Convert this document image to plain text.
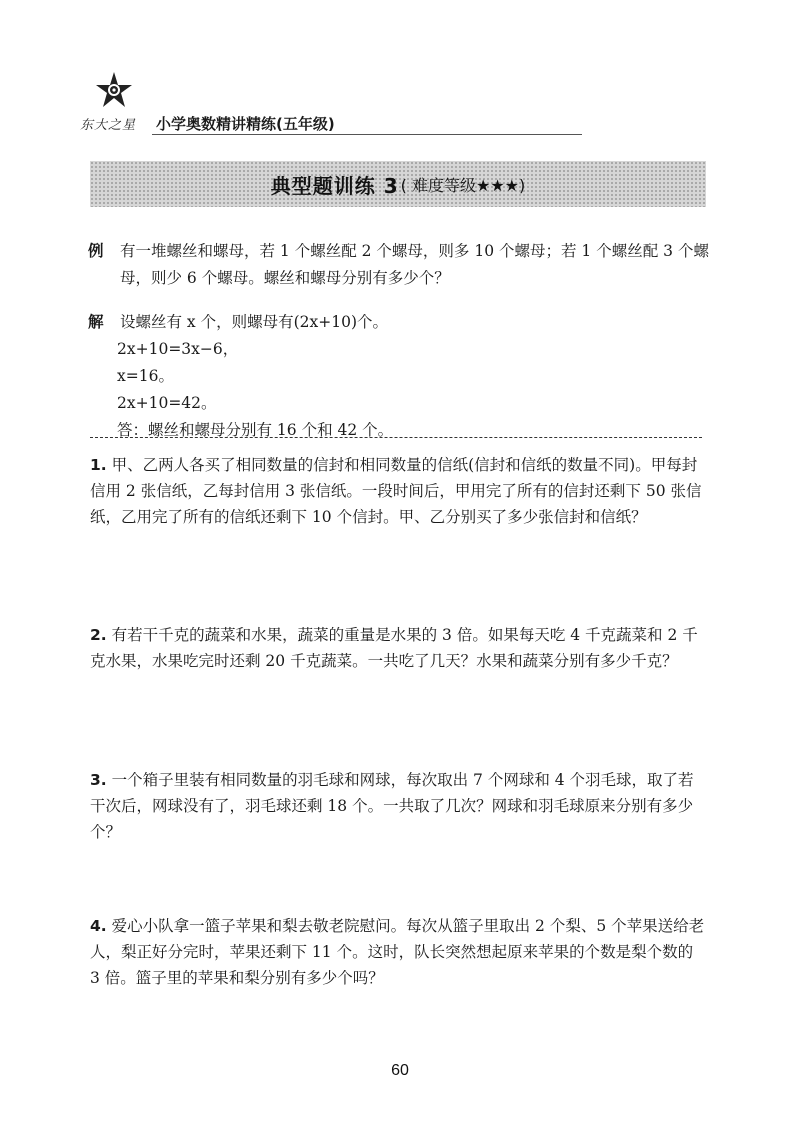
东大之星 小学奥数精讲精练(五年级)
典型题训练 3 ( 难度等级★★★)
例 有一堆螺丝和螺母，若 1 个螺丝配 2 个螺母，则多 10 个螺母；若 1 个螺丝配 3 个螺母，则少 6 个螺母。螺丝和螺母分别有多少个？
解 设螺丝有 x 个，则螺母有(2x+10)个。
2x+10=3x−6，
x=16。
2x+10=42。
答：螺丝和螺母分别有 16 个和 42 个。
1. 甲、乙两人各买了相同数量的信封和相同数量的信纸(信封和信纸的数量不同)。甲每封信用 2 张信纸，乙每封信用 3 张信纸。一段时间后，甲用完了所有的信封还剩下 50 张信纸，乙用完了所有的信纸还剩下 10 个信封。甲、乙分别买了多少张信封和信纸？
2. 有若干千克的蔬菜和水果，蔬菜的重量是水果的 3 倍。如果每天吃 4 千克蔬菜和 2 千克水果，水果吃完时还剩 20 千克蔬菜。一共吃了几天？水果和蔬菜分别有多少千克？
3. 一个箱子里装有相同数量的羽毛球和网球，每次取出 7 个网球和 4 个羽毛球，取了若干次后，网球没有了，羽毛球还剩 18 个。一共取了几次？网球和羽毛球原来分别有多少个？
4. 爱心小队拿一篮子苹果和梨去敬老院慰问。每次从篮子里取出 2 个梨、5 个苹果送给老人，梨正好分完时，苹果还剩下 11 个。这时，队长突然想起原来苹果的个数是梨个数的 3 倍。篮子里的苹果和梨分别有多少个吗？
60
